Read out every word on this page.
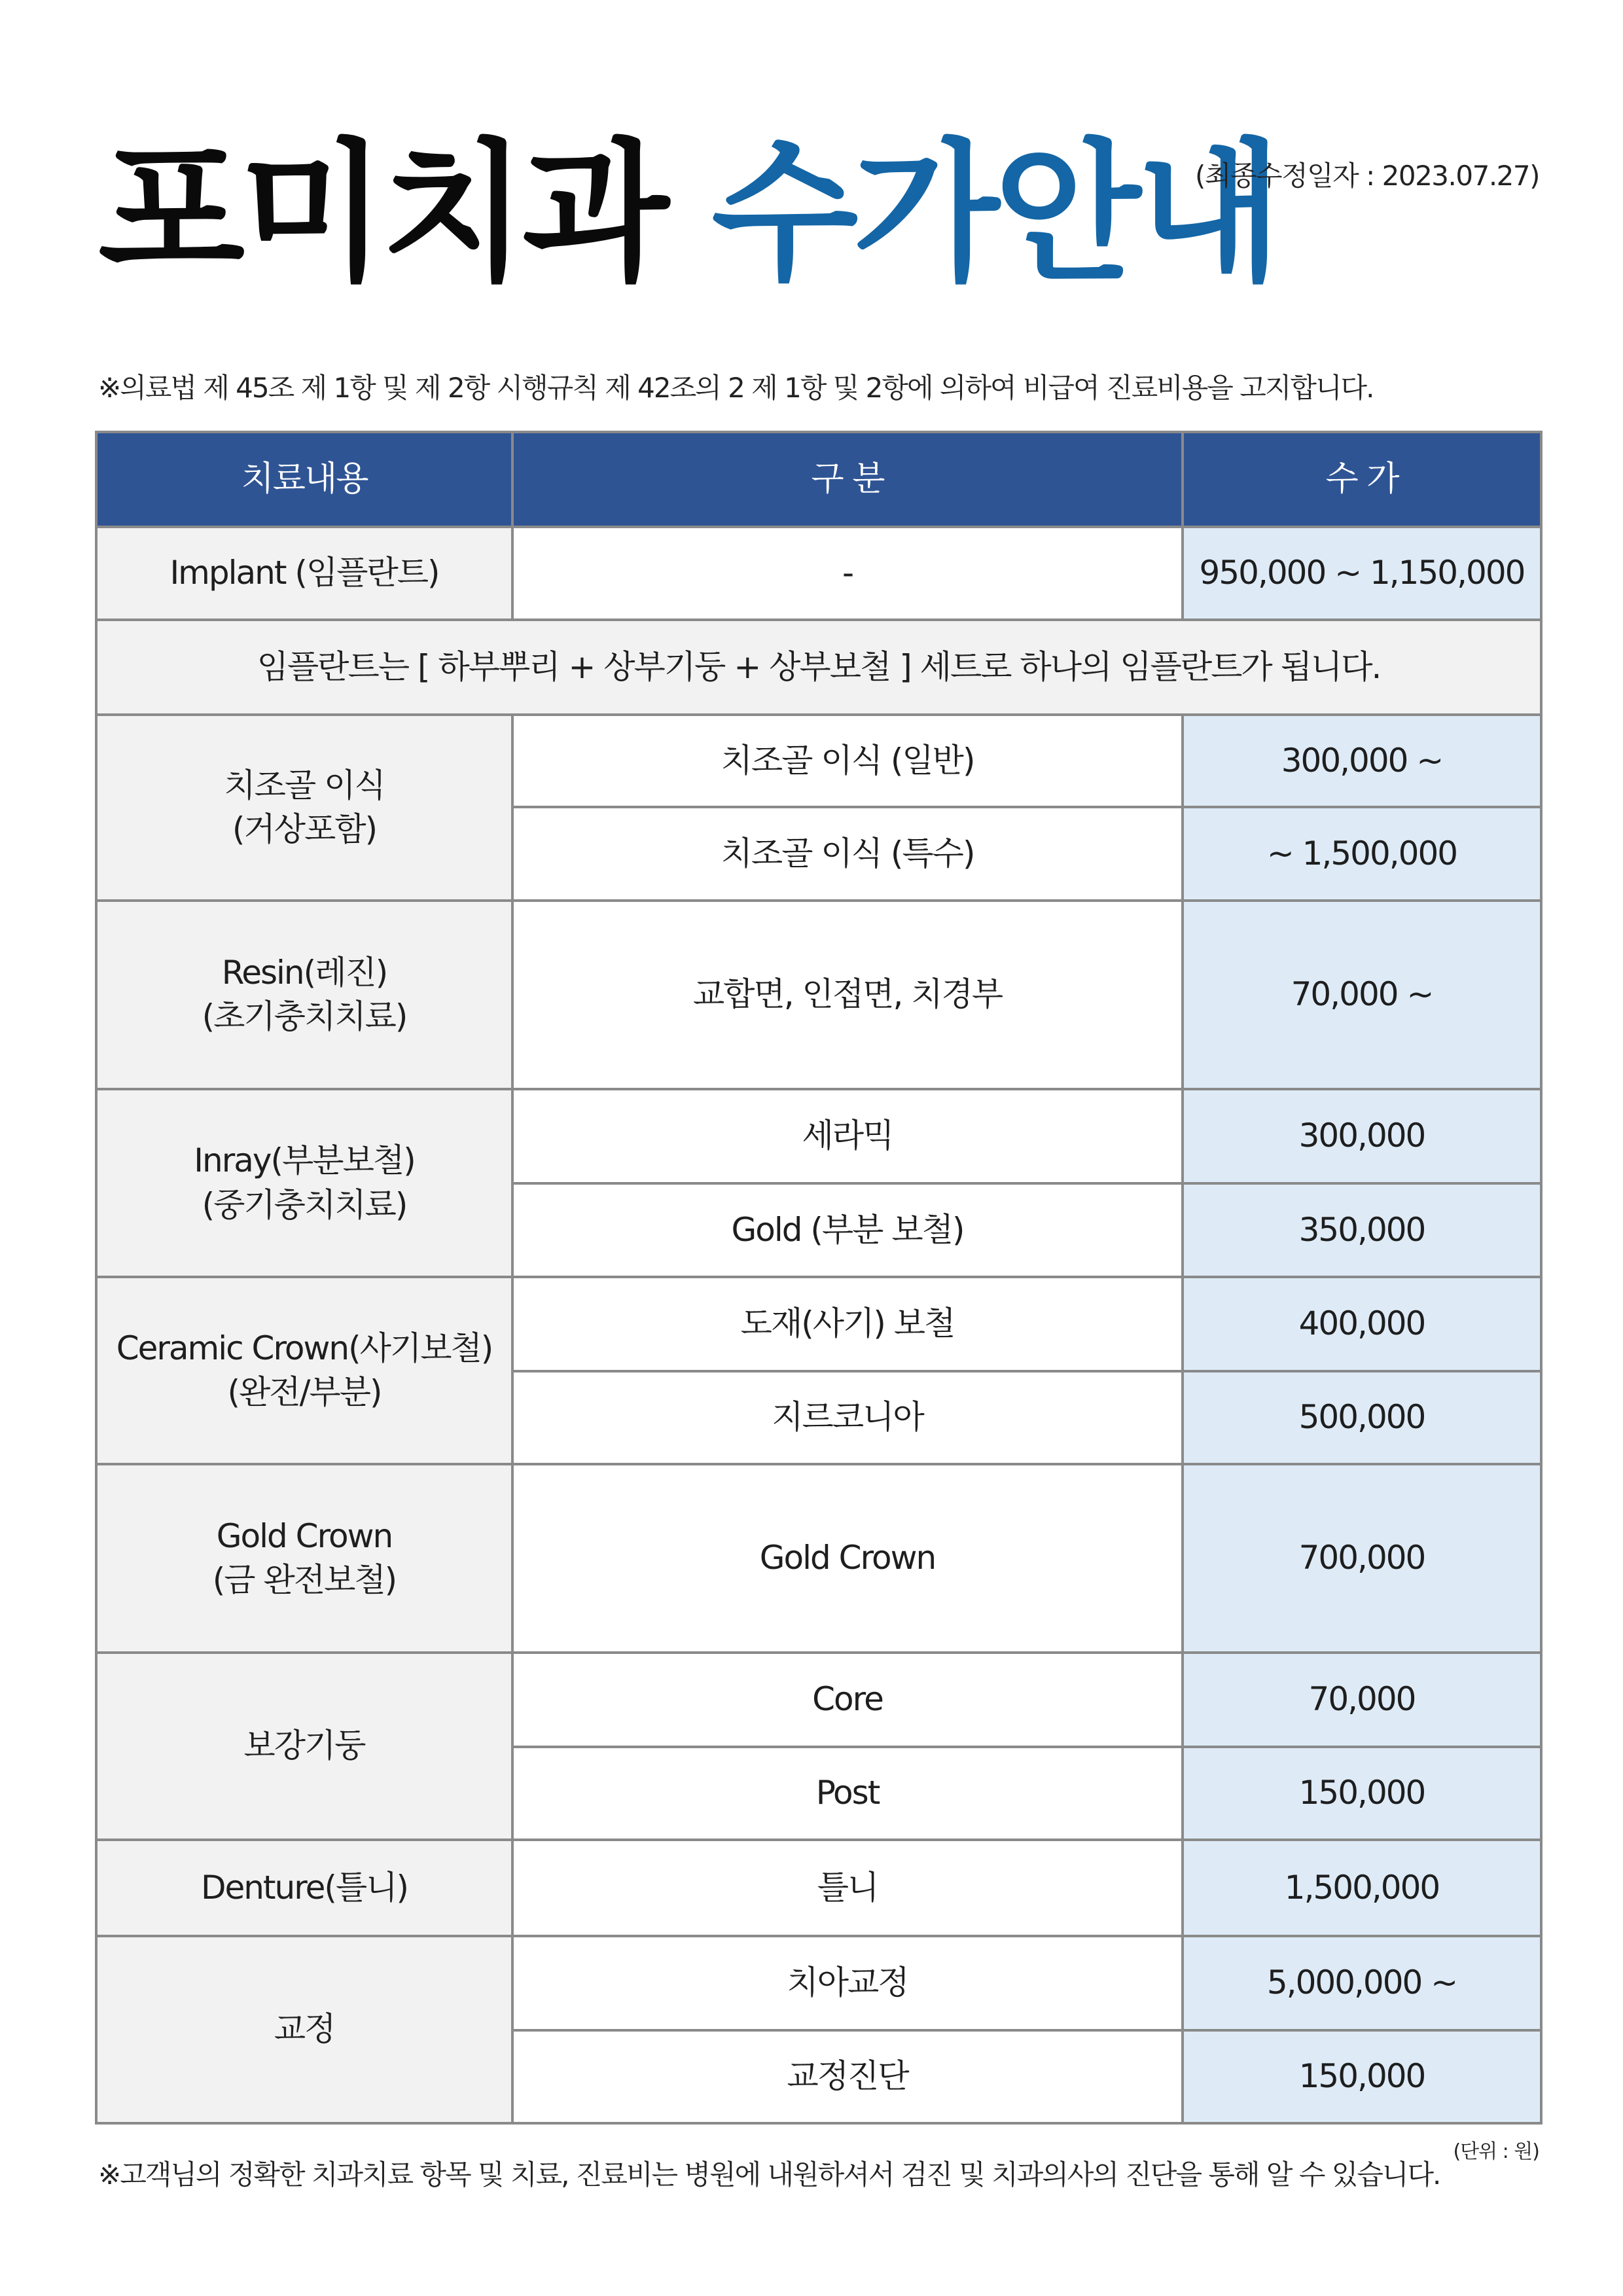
포미치과 수가안내
(최종수정일자 : 2023.07.27)
※의료법 제 45조 제 1항 및 제 2항 시행규칙 제 42조의 2 제 1항 및 2항에 의하여 비급여 진료비용을 고지합니다.
치료내용	구 분	수 가
Implant (임플란트)	-	950,000 ~ 1,150,000
임플란트는 [ 하부뿌리 + 상부기둥 + 상부보철 ] 세트로 하나의 임플란트가 됩니다.		

치조골 이식
(거상포함)	치조골 이식 (일반)	300,000 ~
	치조골 이식 (특수)	~ 1,500,000

Resin(레진)
(초기충치치료)	교합면, 인접면, 치경부	70,000 ~

Inray(부분보철)
(중기충치치료)	세라믹	300,000
	Gold (부분 보철)	350,000

Ceramic Crown(사기보철)
(완전/부분)	도재(사기) 보철	400,000
	지르코니아	500,000

Gold Crown
(금 완전보철)	Gold Crown	700,000
보강기둥	Core	70,000
	Post	150,000
Denture(틀니)	틀니	1,500,000
교정	치아교정	5,000,000 ~
	교정진단	150,000
(단위 : 원)
※고객님의 정확한 치과치료 항목 및 치료, 진료비는 병원에 내원하셔서 검진 및 치과의사의 진단을 통해 알 수 있습니다.
